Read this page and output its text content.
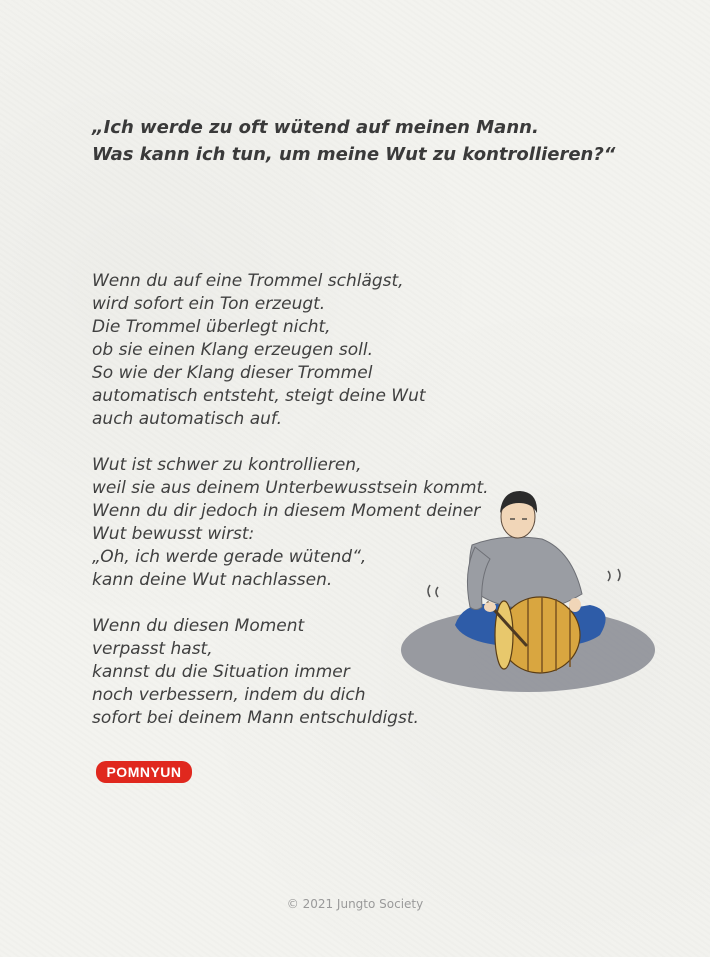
„Ich werde zu oft wütend auf meinen Mann.
Was kann ich tun, um meine Wut zu kontrollieren?“
Wenn du auf eine Trommel schlägst,
wird sofort ein Ton erzeugt.
Die Trommel überlegt nicht,
ob sie einen Klang erzeugen soll.
So wie der Klang dieser Trommel
automatisch entsteht, steigt deine Wut
auch automatisch auf.
Wut ist schwer zu kontrollieren,
weil sie aus deinem Unterbewusstsein kommt.
Wenn du dir jedoch in diesem Moment deiner
Wut bewusst wirst:
„Oh, ich werde gerade wütend“,
kann deine Wut nachlassen.
Wenn du diesen Moment
verpasst hast,
kannst du die Situation immer
noch verbessern, indem du dich
sofort bei deinem Mann entschuldigst.
POMNYUN
© 2021 Jungto Society
